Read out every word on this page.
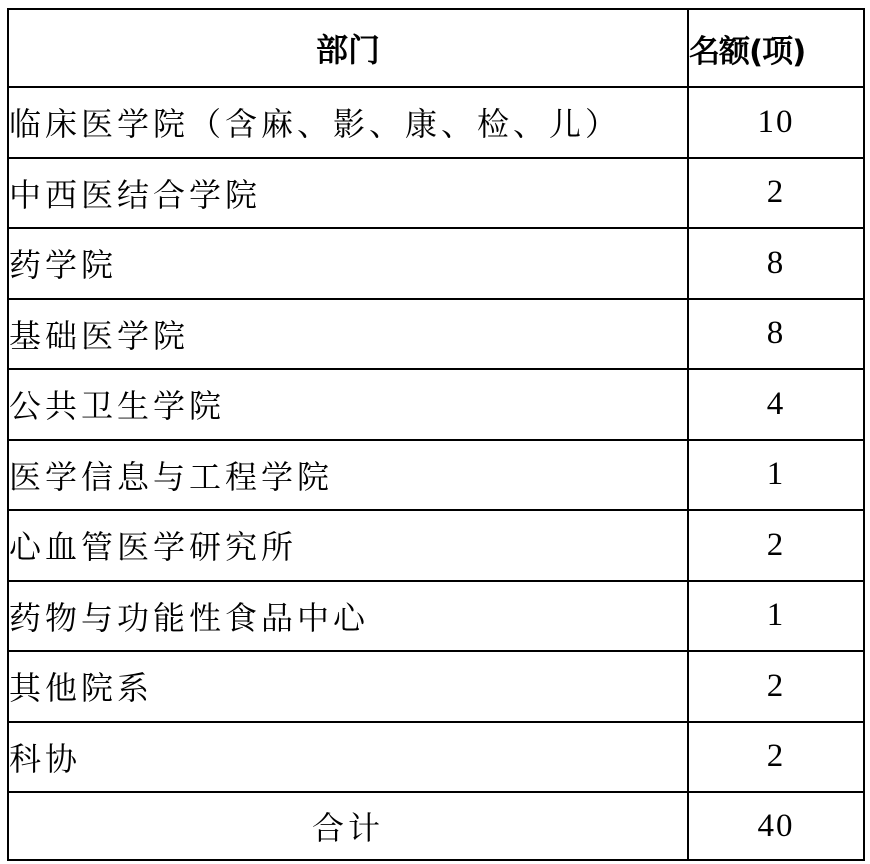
部门	名额(项)
临床医学院（含麻、影、康、检、儿）	10
中西医结合学院	2
药学院	8
基础医学院	8
公共卫生学院	4
医学信息与工程学院	1
心血管医学研究所	2
药物与功能性食品中心	1
其他院系	2
科协	2
合计	40
